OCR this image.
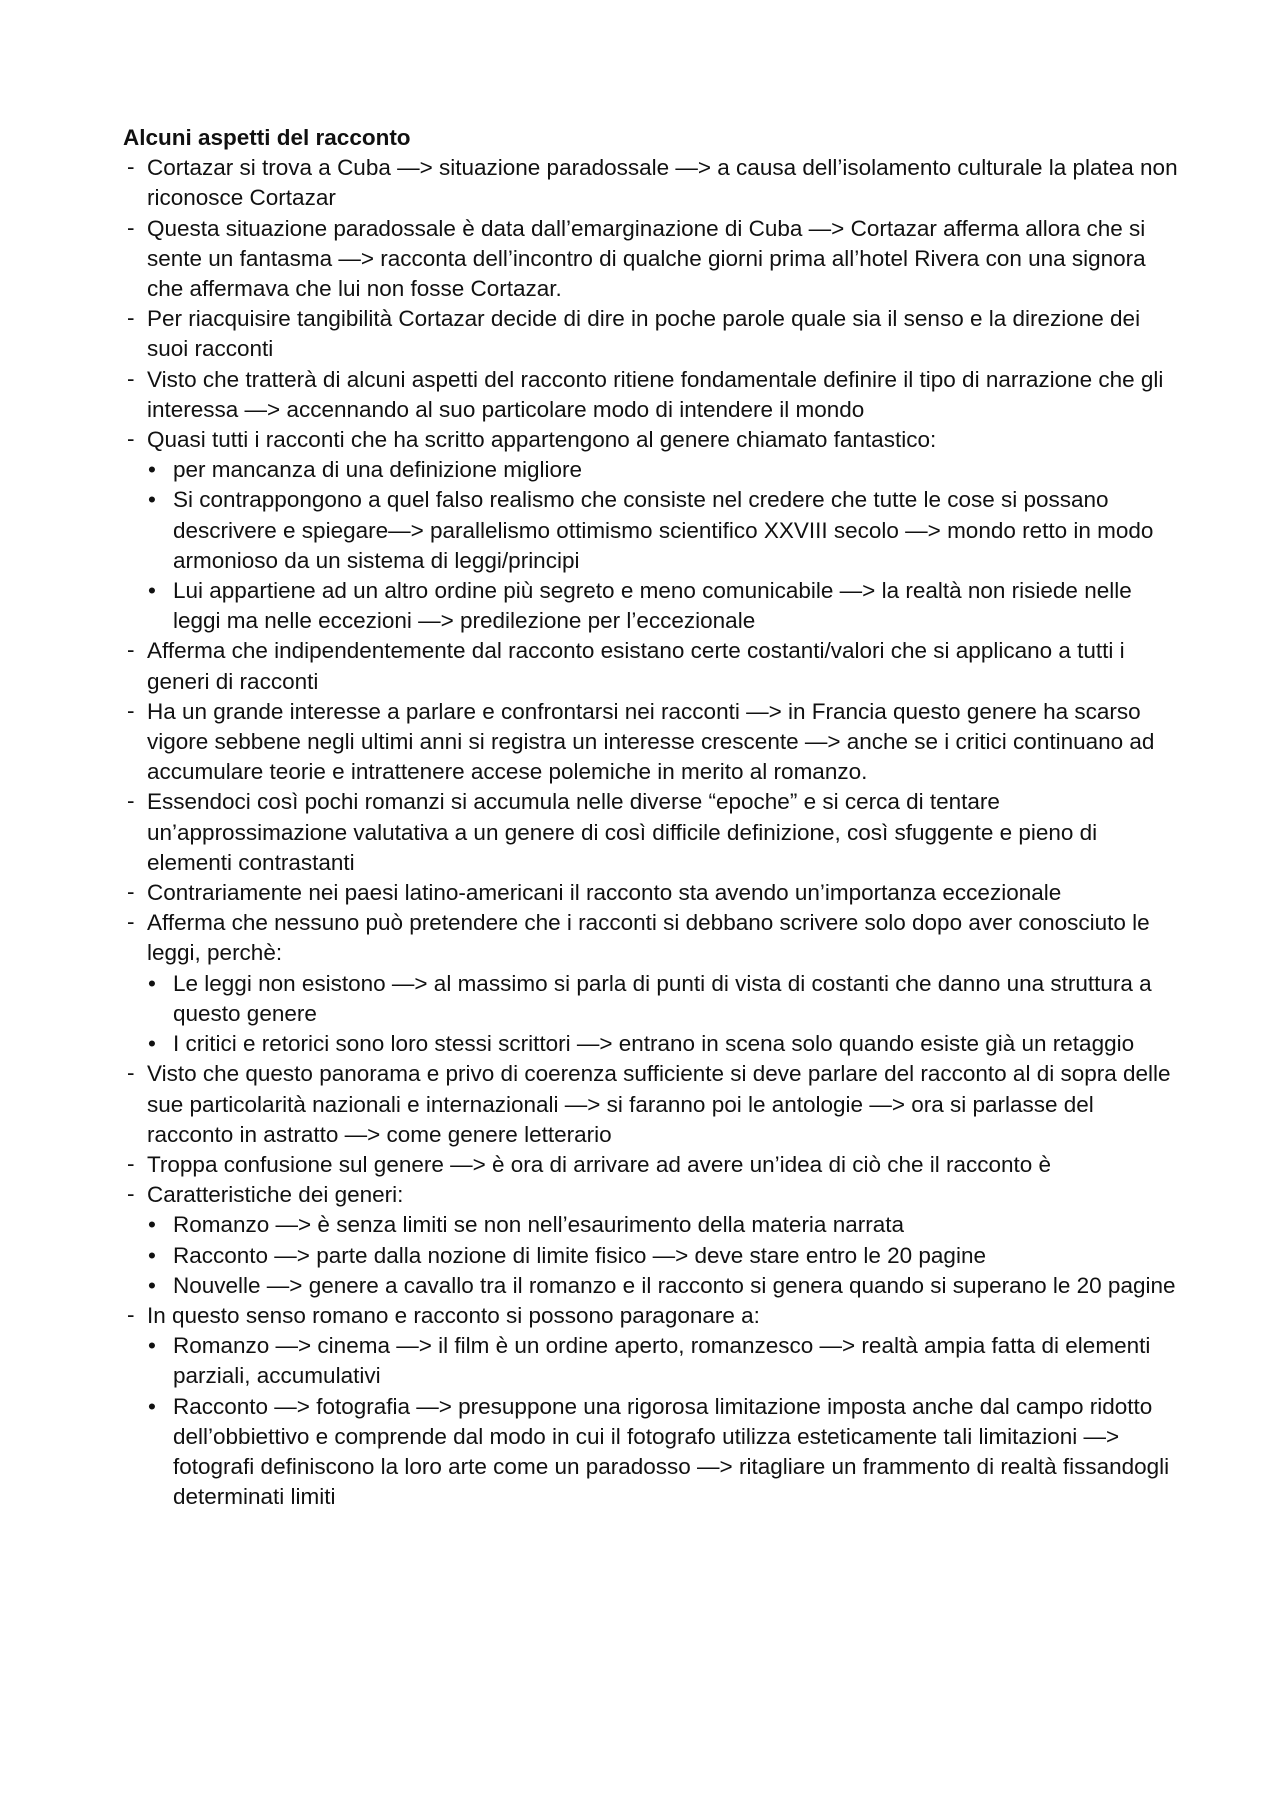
Alcuni aspetti del racconto
- Cortazar si trova a Cuba —> situazione paradossale —> a causa dell’isolamento culturale la platea non riconosce Cortazar
- Questa situazione paradossale è data dall’emarginazione di Cuba —> Cortazar afferma allora che si sente un fantasma —> racconta dell’incontro di qualche giorni prima all’hotel Rivera con una signora che affermava che lui non fosse Cortazar.
- Per riacquisire tangibilità Cortazar decide di dire in poche parole quale sia il senso e la direzione dei suoi racconti
- Visto che tratterà di alcuni aspetti del racconto ritiene fondamentale definire il tipo di narrazione che gli interessa —> accennando al suo particolare modo di intendere il mondo
- Quasi tutti i racconti che ha scritto appartengono al genere chiamato fantastico:
• per mancanza di una definizione migliore
• Si contrappongono a quel falso realismo che consiste nel credere che tutte le cose si possano descrivere e spiegare—> parallelismo ottimismo scientifico XXVIII secolo —> mondo retto in modo armonioso da un sistema di leggi/principi
• Lui appartiene ad un altro ordine più segreto e meno comunicabile —> la realtà non risiede nelle leggi ma nelle eccezioni —> predilezione per l’eccezionale
- Afferma che indipendentemente dal racconto esistano certe costanti/valori che si applicano a tutti i generi di racconti
- Ha un grande interesse a parlare e confrontarsi nei racconti —> in Francia questo genere ha scarso vigore sebbene negli ultimi anni si registra un interesse crescente —> anche se i critici continuano ad accumulare teorie e intrattenere accese polemiche in merito al romanzo.
- Essendoci così pochi romanzi si accumula nelle diverse “epoche” e si cerca di tentare un’approssimazione valutativa a un genere di così difficile definizione, così sfuggente e pieno di elementi contrastanti
- Contrariamente nei paesi latino-americani il racconto sta avendo un’importanza eccezionale
- Afferma che nessuno può pretendere che i racconti si debbano scrivere solo dopo aver conosciuto le leggi, perchè:
• Le leggi non esistono —> al massimo si parla di punti di vista di costanti che danno una struttura a questo genere
• I critici e retorici sono loro stessi scrittori —> entrano in scena solo quando esiste già un retaggio
- Visto che questo panorama e privo di coerenza sufficiente si deve parlare del racconto al di sopra delle sue particolarità nazionali e internazionali —> si faranno poi le antologie —> ora si parlasse del racconto in astratto —> come genere letterario
- Troppa confusione sul genere —> è ora di arrivare ad avere un’idea di ciò che il racconto è
- Caratteristiche dei generi:
• Romanzo —> è senza limiti se non nell’esaurimento della materia narrata
• Racconto —> parte dalla nozione di limite fisico —> deve stare entro le 20 pagine
• Nouvelle —> genere a cavallo tra il romanzo e il racconto si genera quando si superano le 20 pagine
- In questo senso romano e racconto si possono paragonare a:
• Romanzo —> cinema —> il film è un ordine aperto, romanzesco —> realtà ampia fatta di elementi parziali, accumulativi
• Racconto —> fotografia —> presuppone una rigorosa limitazione imposta anche dal campo ridotto dell’obbiettivo e comprende dal modo in cui il fotografo utilizza esteticamente tali limitazioni —> fotografi definiscono la loro arte come un paradosso —> ritagliare un frammento di realtà fissandogli determinati limiti
